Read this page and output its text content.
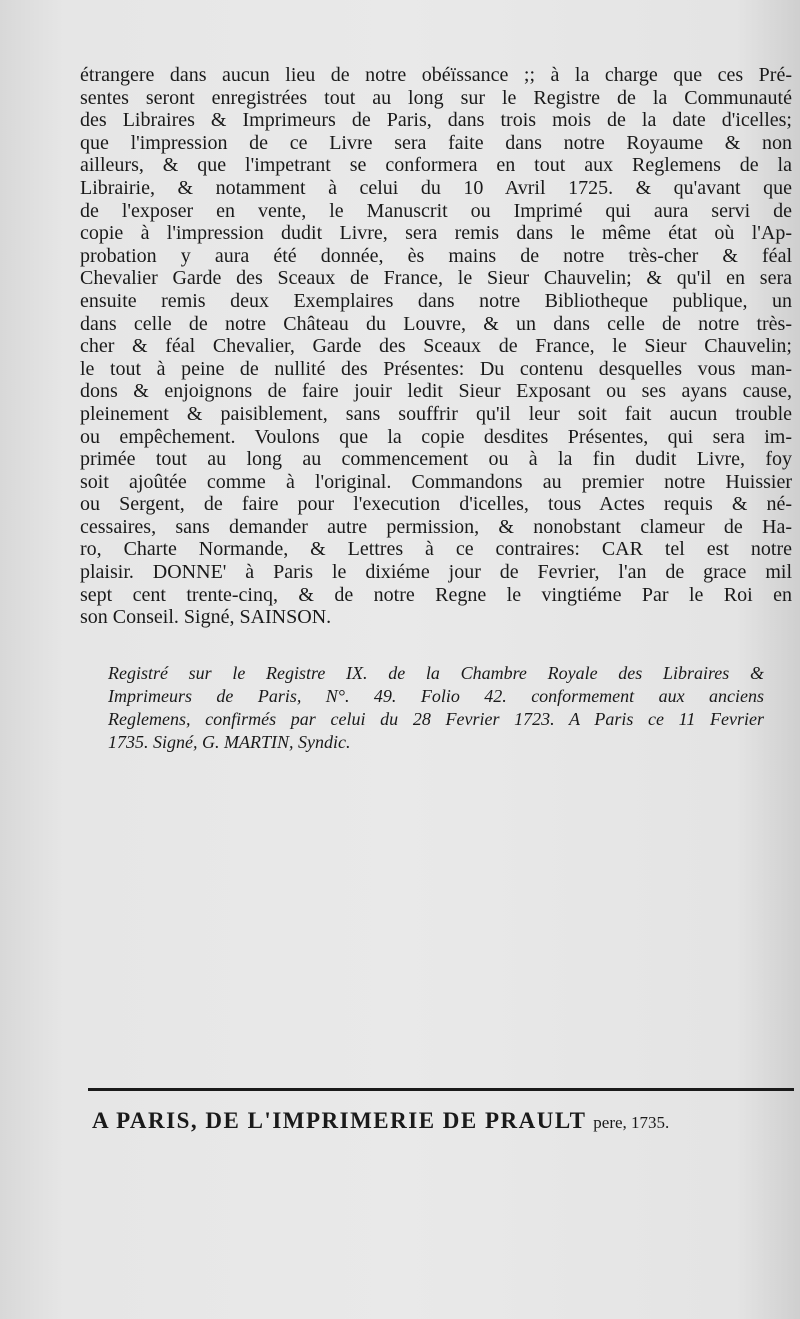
étrangere dans aucun lieu de notre obéïssance ;; à la charge que ces Pré-
sentes seront enregistrées tout au long sur le Registre de la Communauté
des Libraires & Imprimeurs de Paris, dans trois mois de la date d'icelles;
que l'impression de ce Livre sera faite dans notre Royaume & non
ailleurs, & que l'impetrant se conformera en tout aux Reglemens de la
Librairie, & notamment à celui du 10 Avril 1725. & qu'avant que
de l'exposer en vente, le Manuscrit ou Imprimé qui aura servi de
copie à l'impression dudit Livre, sera remis dans le même état où l'Ap-
probation y aura été donnée, ès mains de notre très-cher & féal
Chevalier Garde des Sceaux de France, le Sieur Chauvelin; & qu'il en sera
ensuite remis deux Exemplaires dans notre Bibliotheque publique, un
dans celle de notre Château du Louvre, & un dans celle de notre très-
cher & féal Chevalier, Garde des Sceaux de France, le Sieur Chauvelin;
le tout à peine de nullité des Présentes: Du contenu desquelles vous man-
dons & enjoignons de faire jouir ledit Sieur Exposant ou ses ayans cause,
pleinement & paisiblement, sans souffrir qu'il leur soit fait aucun trouble
ou empêchement. Voulons que la copie desdites Présentes, qui sera im-
primée tout au long au commencement ou à la fin dudit Livre, foy
soit ajoûtée comme à l'original. Commandons au premier notre Huissier
ou Sergent, de faire pour l'execution d'icelles, tous Actes requis & né-
cessaires, sans demander autre permission, & nonobstant clameur de Ha-
ro, Charte Normande, & Lettres à ce contraires: CAR tel est notre
plaisir. DONNE' à Paris le dixiéme jour de Fevrier, l'an de grace mil
sept cent trente-cinq, & de notre Regne le vingtiéme Par le Roi en
son Conseil. Signé, SAINSON.
Registré sur le Registre IX. de la Chambre Royale des Libraires &
Imprimeurs de Paris, N°. 49. Folio 42. conformement aux anciens
Reglemens, confirmés par celui du 28 Fevrier 1723. A Paris ce 11 Fevrier
1735. Signé, G. MARTIN, Syndic.
A PARIS, DE L'IMPRIMERIE DE PRAULT pere, 1735.
